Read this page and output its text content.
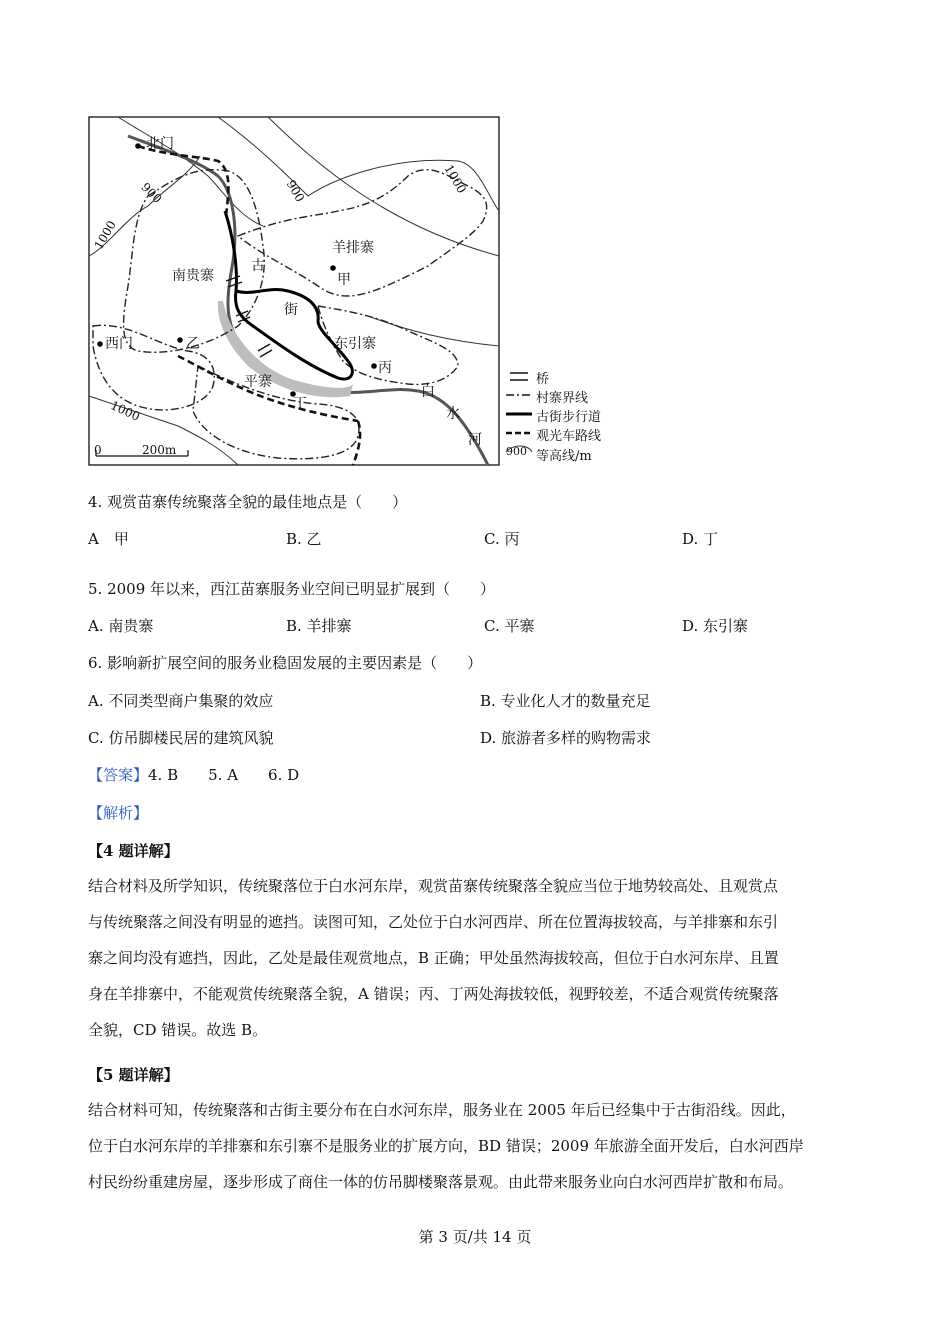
北门
羊排寨
甲
南贵寨
古
街
西门	乙	东引寨
丙
平寨
丁
白
水
河
900
1000
900	1000
1000
0	200m
桥
村寨界线
古街步行道
观光车路线
900 等高线/m
4. 观赏苗寨传统聚落全貌的最佳地点是（　　）
A　甲	B. 乙	C. 丙	D. 丁
5. 2009 年以来，西江苗寨服务业空间已明显扩展到（　　）
A. 南贵寨	B. 羊排寨	C. 平寨	D. 东引寨
6. 影响新扩展空间的服务业稳固发展的主要因素是（　　）
A. 不同类型商户集聚的效应	B. 专业化人才的数量充足
C. 仿吊脚楼民居的建筑风貌	D. 旅游者多样的购物需求
【答案】4. B　　5. A　　6. D
【解析】
【4 题详解】
结合材料及所学知识，传统聚落位于白水河东岸，观赏苗寨传统聚落全貌应当位于地势较高处、且观赏点
与传统聚落之间没有明显的遮挡。读图可知，乙处位于白水河西岸、所在位置海拔较高，与羊排寨和东引
寨之间均没有遮挡，因此，乙处是最佳观赏地点，B 正确；甲处虽然海拔较高，但位于白水河东岸、且置
身在羊排寨中，不能观赏传统聚落全貌，A 错误；丙、丁两处海拔较低，视野较差，不适合观赏传统聚落
全貌，CD 错误。故选 B。
【5 题详解】
结合材料可知，传统聚落和古街主要分布在白水河东岸，服务业在 2005 年后已经集中于古街沿线。因此，
位于白水河东岸的羊排寨和东引寨不是服务业的扩展方向，BD 错误；2009 年旅游全面开发后，白水河西岸
村民纷纷重建房屋，逐步形成了商住一体的仿吊脚楼聚落景观。由此带来服务业向白水河西岸扩散和布局。
第 3 页/共 14 页
